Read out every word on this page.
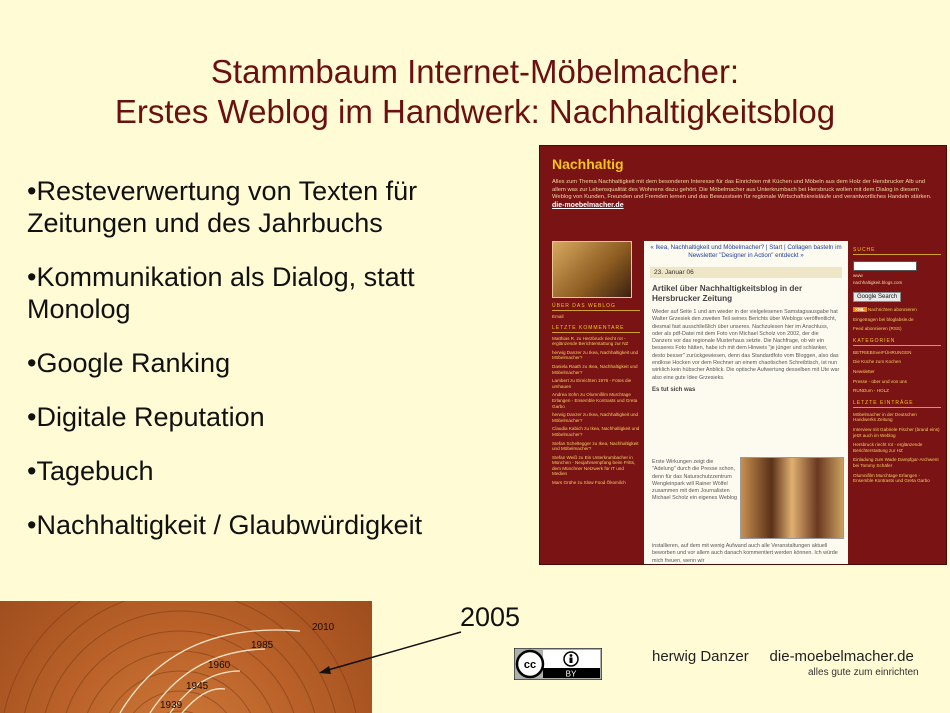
Stammbaum Internet-Möbelmacher:
Erstes Weblog im Handwerk: Nachhaltigkeitsblog
•Resteverwertung von Texten für Zeitungen und des Jahrbuchs
•Kommunikation als Dialog, statt Monolog
•Google Ranking
•Digitale Reputation
•Tagebuch
•Nachhaltigkeit / Glaubwürdigkeit
Nachhaltig
Alles zum Thema Nachhaltigkeit mit dem besonderen Interesse für das Einrichten mit Küchen und Möbeln aus dem Holz der Hersbrucker Alb und allem was zur Lebensqualität des Wohnens dazu gehört. Die Möbelmacher aus Unterkrumbach bei Hersbruck wollen mit dem Dialog in diesem Weblog von Kunden, Freunden und Fremden lernen und das Bewusstsein für regionale Wirtschaftskreisläufe und verantwortliches Handeln stärken. die-moebelmacher.de
ÜBER DAS WEBLOG
Email
LETZTE KOMMENTARE
Matthias R. zu Herzbruck riecht rot - erglänzende Berichterstattung zur NZ
herwig Danzer zu Ikea, Nachhaltigkeit und Möbelmacher?
Daniela Raath zu Ikea, Nachhaltigkeit und Möbelmacher?
Lambert zu Einrichten 1976 - Fotos die umhauen
Andrea Sohn zu Olumnifilm Murchtage Erlangen - Ensemble Kontrasts und Greta Garbo
herwig Danzer zu Ikea, Nachhaltigkeit und Möbelmacher?
Claudia Kabich zu Ikea, Nachhaltigkeit und Möbelmacher?
Stefan Scheltegger zu Ikea, Nachhaltigkeit und Möbelmacher?
Stefan Weiß zu Ein Unterkrumbacher in München - Neujahrsempfang beim Fritts, dem Münchner Netzwerk für IT und Medien
Mars Grühe zu Slow Food Ökomilch
« Ikea, Nachhaltigkeit und Möbelmacher? | Start | Collagen basteln im Newsletter "Designer in Action" entdeckt »
23. Januar 06
Artikel über Nachhaltigkeitsblog in der Hersbrucker Zeitung
Wieder auf Seite 1 und am wieder in der vielgelesenen Samstagsausgabe hat Walter Grzesiek den zweiten Teil seines Berichts über Weblogs veröffentlicht, diesmal fast ausschließlich über unseres. Nachzulesen hier im Anschluss, oder als pdf-Datei mit dem Foto von Michael Scholz von 2002, der die Danzers vor das regionale Musterhaus setzte. Die Nachfrage, ob wir ein besseres Foto hätten, habe ich mit dem Hinweis "je jünger und schlanker, desto besser" zurückgewiesen, denn das Standardfoto vom Bloggen, also das endlose Hocken vor dem Rechner an einem chaotischen Schreibtisch, ist nun wirklich kein hübscher Anblick. Die optische Aufwertung desselben mit Ute war also eine gute Idee Grzesieks.
Es tut sich was
Erste Wirkungen zeigt die "Adelung" durch die Presse schon, denn für das Naturschutzzentrum Wengleinpark will Rainer Wölfel zusammen mit dem Journalisten Michael Scholz ein eigenes Weblog
installieren, auf dem mit wenig Aufwand auch alle Veranstaltungen aktuell beworben und vor allem auch danach kommentiert werden können. Ich würde mich freuen, wenn wir
SUCHE
www
nachhaltigkeit.blogs.com
Google Search
XML Nachrichten abonnieren
Eingetragen bei bloglabsle.de
Feed abonnieren (RSS)
KATEGORIEN
BETRIEBSverFÜHRUNGEN
Die Küche zum Kochen
Newsletter
Presse - über und von uns
RUNDum - HOLZ
LETZTE EINTRÄGE
Möbelmacher in der Deutschen Handwerks Zeitung
Interview mit Gabriele Fischer (brand eins) jetzt auch im Weblog
Hersbruck riecht rot - erglänzende Berichterstattung zur HZ
Einladung zum Wade Dampfgar-Archwent bei Tommy Schäfer
Olumnifilm Murchtage Erlangen - Ensemble Kontrasts und Greta Garbo
2010
1985
1960
1945
1939
2005
cc
BY
herwig Danzer     die-moebelmacher.de
alles gute zum einrichten
